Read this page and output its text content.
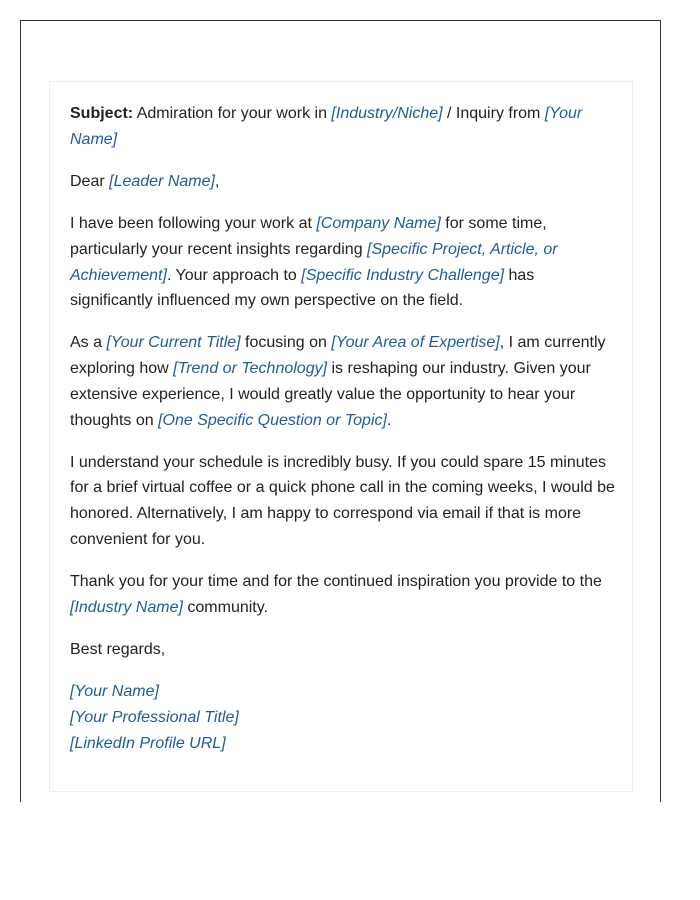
Subject: Admiration for your work in [Industry/Niche] / Inquiry from [Your Name]

Dear [Leader Name],

I have been following your work at [Company Name] for some time, particularly your recent insights regarding [Specific Project, Article, or Achievement]. Your approach to [Specific Industry Challenge] has significantly influenced my own perspective on the field.

As a [Your Current Title] focusing on [Your Area of Expertise], I am currently exploring how [Trend or Technology] is reshaping our industry. Given your extensive experience, I would greatly value the opportunity to hear your thoughts on [One Specific Question or Topic].

I understand your schedule is incredibly busy. If you could spare 15 minutes for a brief virtual coffee or a quick phone call in the coming weeks, I would be honored. Alternatively, I am happy to correspond via email if that is more convenient for you.

Thank you for your time and for the continued inspiration you provide to the [Industry Name] community.

Best regards,

[Your Name]
[Your Professional Title]
[LinkedIn Profile URL]
